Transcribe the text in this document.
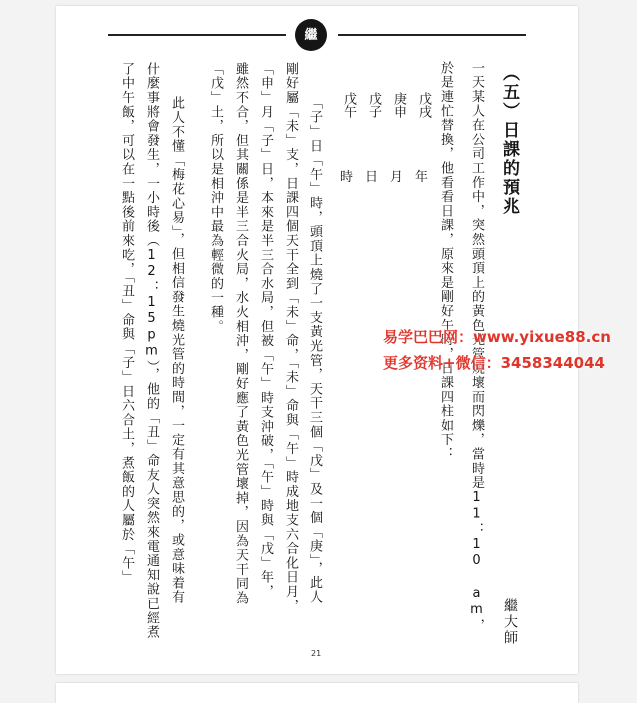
繼
（五）日課的預兆
繼大師
一天某人在公司工作中，突然頭頂上的黃色光管燒壞而閃爍，當時是11：10 am，
於是連忙替換，他看看日課，原來是剛好午時，日課四柱如下：
戊戌
庚申
戊子
戊午
年
月
日
時
「子」日「午」時，頭頂上燒了一支黃光管，天干三個「戊」及一個「庚」，此人
剛好屬「未」支，日課四個天干全到「未」命，「未」命與「午」時成地支六合化日月，
「申」月「子」日，本來是半三合水局，但被「午」時支沖破，「午」時與「戊」年，
雖然不合，但其關係是半三合火局，水火相沖，剛好應了黃色光管壞掉，因為天干同為
「戊」土，所以是相沖中最為輕微的一種。
　此人不懂「梅花心易」，但相信發生燒光管的時間，一定有其意思的，或意味着有
什麼事將會發生，一小時後（12：15pm），他的「丑」命友人突然來電通知說已經煮
了中午飯，可以在一點後前來吃，「丑」命與「子」日六合土，煮飯的人屬於「午」
21
易学巴巴网：www.yixue88.cn
更多资料+微信：3458344044
